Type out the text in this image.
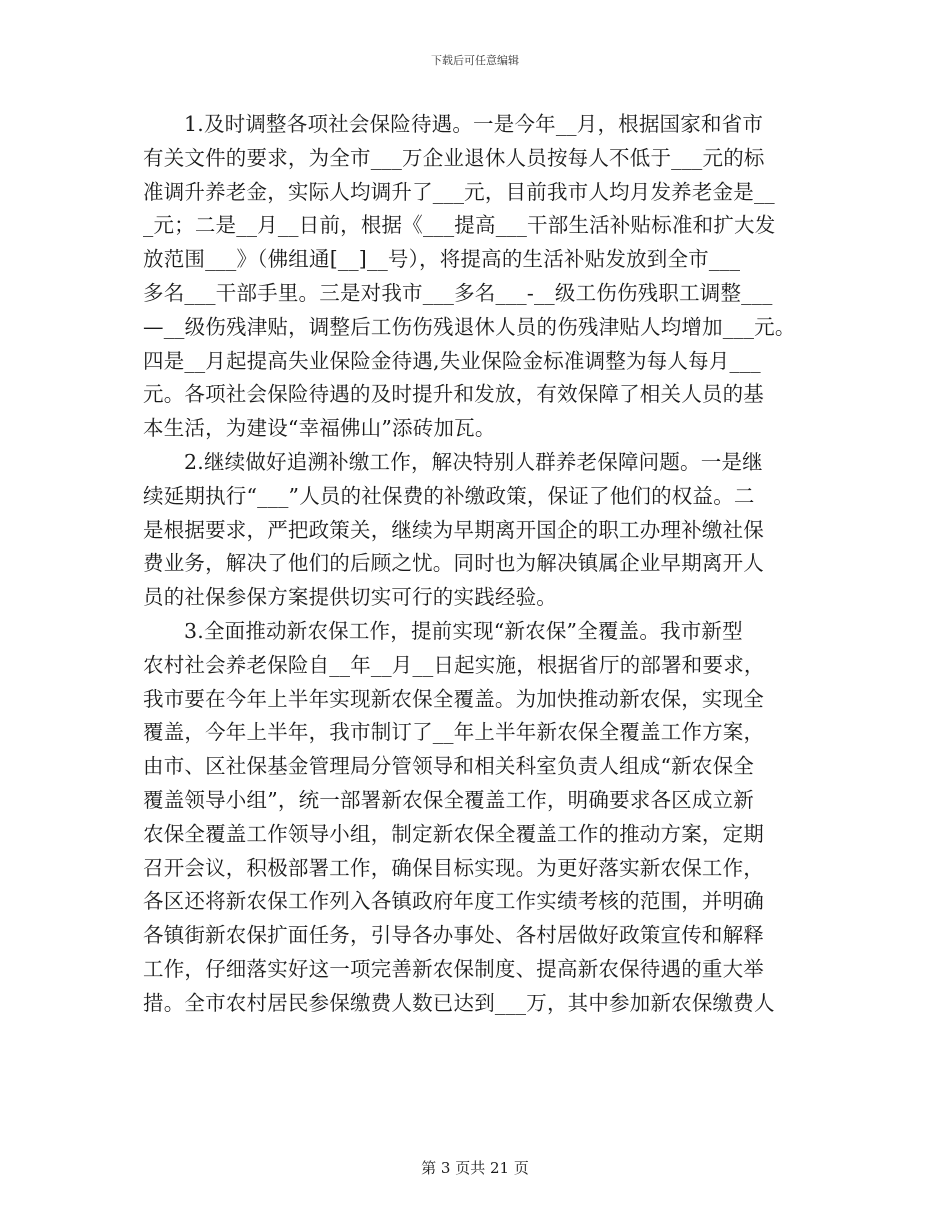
下载后可任意编辑
1.及时调整各项社会保险待遇。一是今年__月，根据国家和省市
有关文件的要求，为全市___万企业退休人员按每人不低于___元的标
准调升养老金，实际人均调升了___元，目前我市人均月发养老金是__
_元；二是__月__日前，根据《___提高___干部生活补贴标准和扩大发
放范围___》（佛组通[__]__号），将提高的生活补贴发放到全市___
多名___干部手里。三是对我市___多名___-__级工伤伤残职工调整___
—__级伤残津贴，调整后工伤伤残退休人员的伤残津贴人均增加___元。
四是__月起提高失业保险金待遇,失业保险金标准调整为每人每月___
元。各项社会保险待遇的及时提升和发放，有效保障了相关人员的基
本生活，为建设“幸福佛山”添砖加瓦。
2.继续做好追溯补缴工作，解决特别人群养老保障问题。一是继
续延期执行“___”人员的社保费的补缴政策，保证了他们的权益。二
是根据要求，严把政策关，继续为早期离开国企的职工办理补缴社保
费业务，解决了他们的后顾之忧。同时也为解决镇属企业早期离开人
员的社保参保方案提供切实可行的实践经验。
3.全面推动新农保工作，提前实现“新农保”全覆盖。我市新型
农村社会养老保险自__年__月__日起实施，根据省厅的部署和要求，
我市要在今年上半年实现新农保全覆盖。为加快推动新农保，实现全
覆盖，今年上半年，我市制订了__年上半年新农保全覆盖工作方案，
由市、区社保基金管理局分管领导和相关科室负责人组成“新农保全
覆盖领导小组”，统一部署新农保全覆盖工作，明确要求各区成立新
农保全覆盖工作领导小组，制定新农保全覆盖工作的推动方案，定期
召开会议，积极部署工作，确保目标实现。为更好落实新农保工作，
各区还将新农保工作列入各镇政府年度工作实绩考核的范围，并明确
各镇街新农保扩面任务，引导各办事处、各村居做好政策宣传和解释
工作，仔细落实好这一项完善新农保制度、提高新农保待遇的重大举
措。全市农村居民参保缴费人数已达到___万，其中参加新农保缴费人
第 3 页共 21 页
